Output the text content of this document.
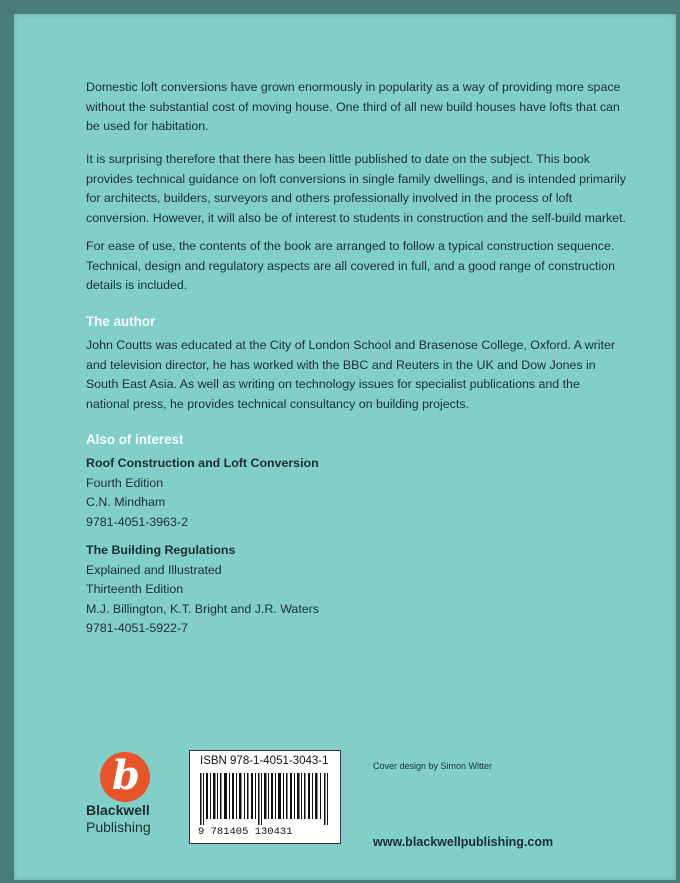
Domestic loft conversions have grown enormously in popularity as a way of providing more space without the substantial cost of moving house. One third of all new build houses have lofts that can be used for habitation.
It is surprising therefore that there has been little published to date on the subject. This book provides technical guidance on loft conversions in single family dwellings, and is intended primarily for architects, builders, surveyors and others professionally involved in the process of loft conversion. However, it will also be of interest to students in construction and the self-build market.
For ease of use, the contents of the book are arranged to follow a typical construction sequence. Technical, design and regulatory aspects are all covered in full, and a good range of construction details is included.
The author
John Coutts was educated at the City of London School and Brasenose College, Oxford. A writer and television director, he has worked with the BBC and Reuters in the UK and Dow Jones in South East Asia. As well as writing on technology issues for specialist publications and the national press, he provides technical consultancy on building projects.
Also of interest
Roof Construction and Loft Conversion
Fourth Edition
C.N. Mindham
9781-4051-3963-2
The Building Regulations
Explained and Illustrated
Thirteenth Edition
M.J. Billington, K.T. Bright and J.R. Waters
9781-4051-5922-7
b
Blackwell
Publishing
ISBN 978-1-4051-3043-1
9 781405 130431
Cover design by Simon Witter
www.blackwellpublishing.com
